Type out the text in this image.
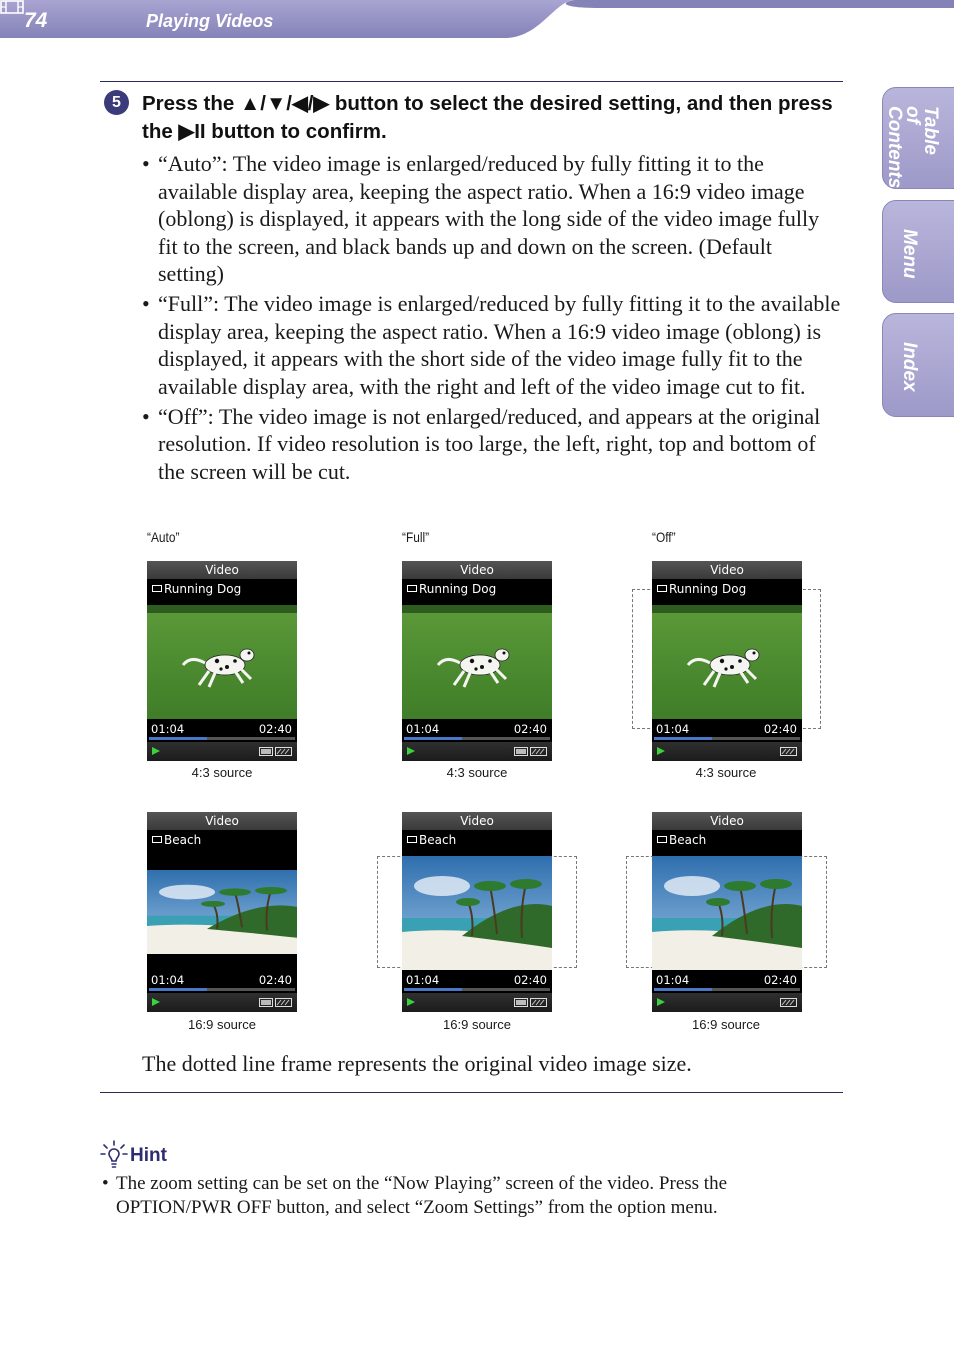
74	Playing Videos
Table of Contents
Menu
Index
5	Press the ▲/▼/◀/▶ button to select the desired setting, and then press the ▶II button to confirm.
• “Auto”: The video image is enlarged/reduced by fully fitting it to the available display area, keeping the aspect ratio. When a 16:9 video image (oblong) is displayed, it appears with the long side of the video image fully fit to the screen, and black bands up and down on the screen. (Default setting)
• “Full”: The video image is enlarged/reduced by fully fitting it to the available display area, keeping the aspect ratio. When a 16:9 video image (oblong) is displayed, it appears with the short side of the video image fully fit to the available display area, with the right and left of the video image cut to fit.
• “Off”: The video image is not enlarged/reduced, and appears at the original resolution. If video resolution is too large, the left, right, top and bottom of the screen will be cut.
“Auto”	“Full”	“Off”
Video
Running Dog
01:04	02:40
Video
Running Dog
01:04	02:40
Video
Running Dog
01:04	02:40
Video
Beach
01:04	02:40
Video
Beach
01:04	02:40
Video
Beach
01:04	02:40
4:3 source	4:3 source	4:3 source
16:9 source	16:9 source	16:9 source
The dotted line frame represents the original video image size.
Hint
• The zoom setting can be set on the “Now Playing” screen of the video. Press the OPTION/PWR OFF button, and select “Zoom Settings” from the option menu.
